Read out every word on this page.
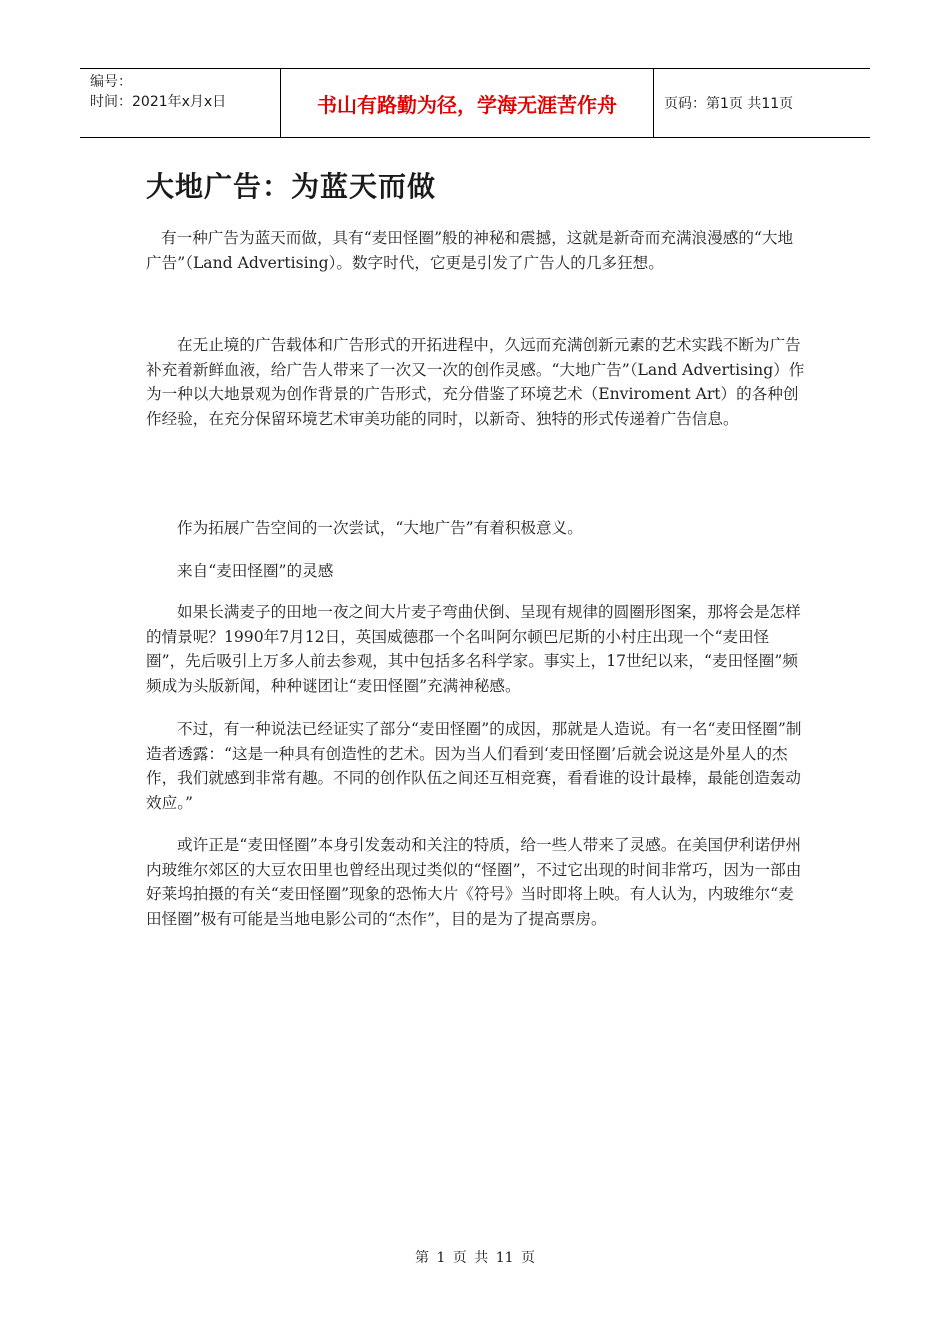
编号：
时间：2021年x月x日	书山有路勤为径，学海无涯苦作舟	页码：第1页 共11页
大地广告：为蓝天而做

有一种广告为蓝天而做，具有“麦田怪圈”般的神秘和震撼，这就是新奇而充满浪漫感的“大地广告”（Land Advertising）。数字时代，它更是引发了广告人的几多狂想。

在无止境的广告载体和广告形式的开拓进程中，久远而充满创新元素的艺术实践不断为广告补充着新鲜血液，给广告人带来了一次又一次的创作灵感。“大地广告”（Land Advertising）作为一种以大地景观为创作背景的广告形式，充分借鉴了环境艺术（Enviroment Art）的各种创作经验，在充分保留环境艺术审美功能的同时，以新奇、独特的形式传递着广告信息。

作为拓展广告空间的一次尝试，“大地广告”有着积极意义。

来自“麦田怪圈”的灵感

如果长满麦子的田地一夜之间大片麦子弯曲伏倒、呈现有规律的圆圈形图案，那将会是怎样的情景呢？1990年7月12日，英国威德郡一个名叫阿尔顿巴尼斯的小村庄出现一个“麦田怪圈”，先后吸引上万多人前去参观，其中包括多名科学家。事实上，17世纪以来，“麦田怪圈”频频成为头版新闻，种种谜团让“麦田怪圈”充满神秘感。

不过，有一种说法已经证实了部分“麦田怪圈”的成因，那就是人造说。有一名“麦田怪圈”制造者透露：“这是一种具有创造性的艺术。因为当人们看到‘麦田怪圈’后就会说这是外星人的杰作，我们就感到非常有趣。不同的创作队伍之间还互相竞赛，看看谁的设计最棒，最能创造轰动效应。”

或许正是“麦田怪圈”本身引发轰动和关注的特质，给一些人带来了灵感。在美国伊利诺伊州内玻维尔郊区的大豆农田里也曾经出现过类似的“怪圈”，不过它出现的时间非常巧，因为一部由好莱坞拍摄的有关“麦田怪圈”现象的恐怖大片《符号》当时即将上映。有人认为，内玻维尔“麦田怪圈”极有可能是当地电影公司的“杰作”，目的是为了提高票房。

第 1 页 共 11 页
